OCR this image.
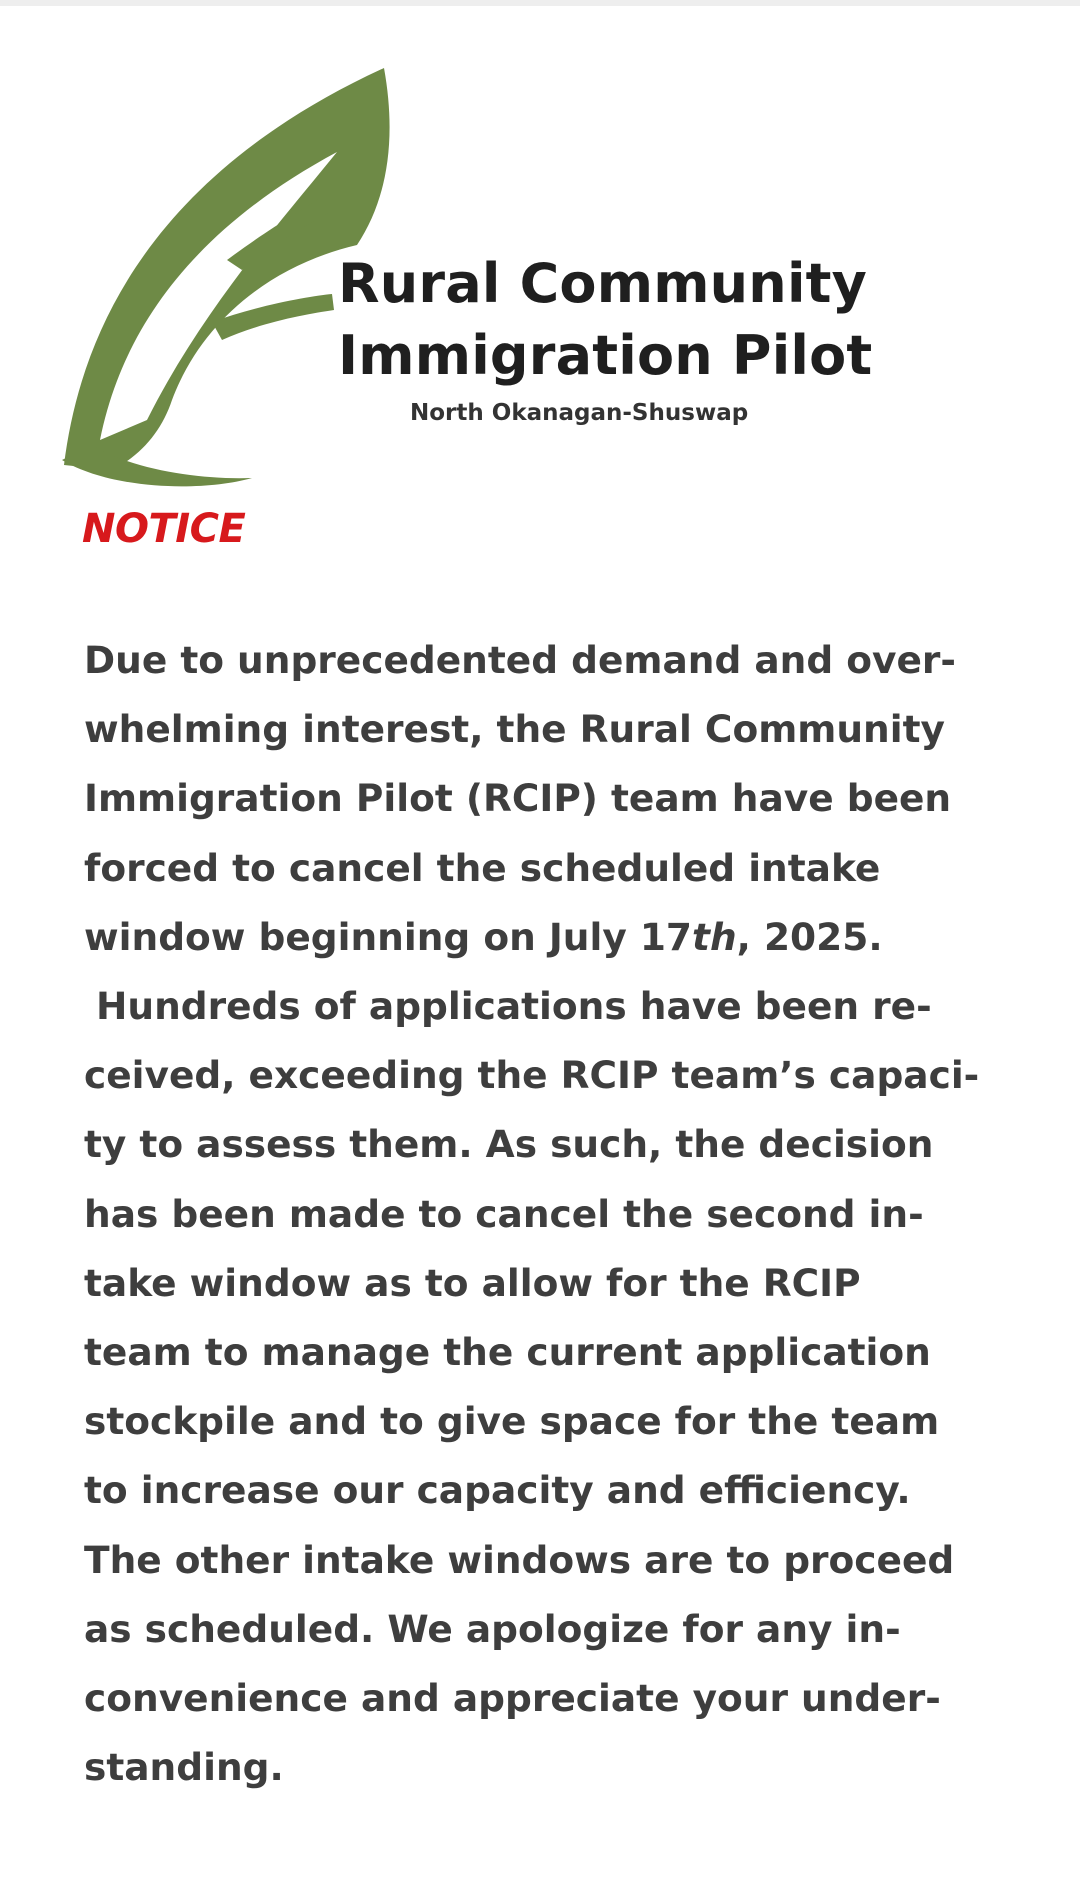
Rural Community
Immigration Pilot

North Okanagan-Shuswap

NOTICE

Due to unprecedented demand and over-
whelming interest, the Rural Community
Immigration Pilot (RCIP) team have been
forced to cancel the scheduled intake
window beginning on July 17th, 2025.
Hundreds of applications have been re-
ceived, exceeding the RCIP team’s capaci-
ty to assess them. As such, the decision
has been made to cancel the second in-
take window as to allow for the RCIP
team to manage the current application
stockpile and to give space for the team
to increase our capacity and efficiency.
The other intake windows are to proceed
as scheduled. We apologize for any in-
convenience and appreciate your under-
standing.
